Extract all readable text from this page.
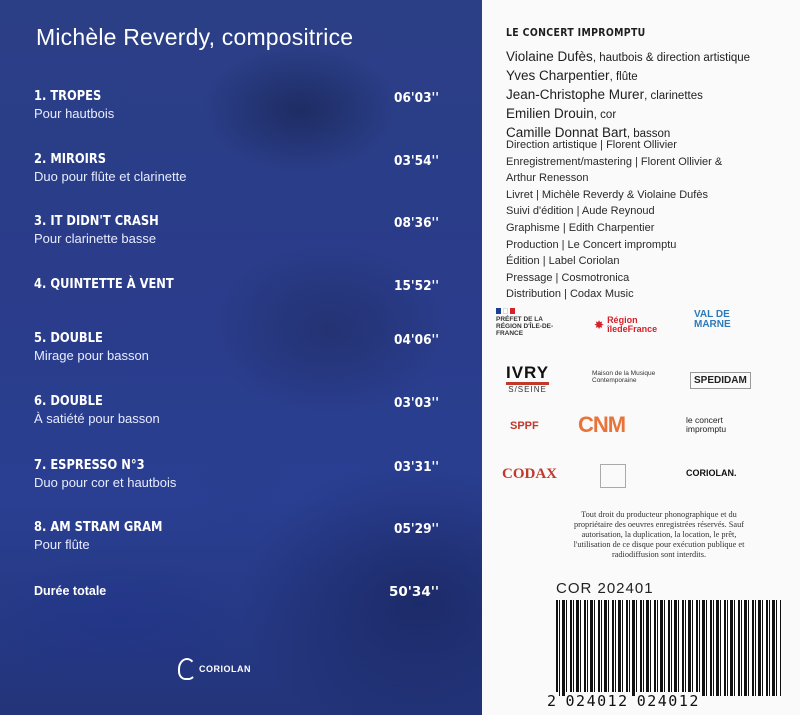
Michèle Reverdy, compositrice
1. TROPES
Pour hautbois
06'03''
2. MIROIRS
Duo pour flûte et clarinette
03'54''
3. IT DIDN'T CRASH
Pour clarinette basse
08'36''
4. QUINTETTE À VENT	15'52''
5. DOUBLE
Mirage pour basson
04'06''
6. DOUBLE
À satiété pour basson
03'03''
7. ESPRESSO N°3
Duo pour cor et hautbois
03'31''
8. AM STRAM GRAM
Pour flûte
05'29''
Durée totale	50'34''
CORIOLAN
LE CONCERT IMPROMPTU
Violaine Dufès, hautbois & direction artistique
Yves Charpentier, flûte
Jean-Christophe Murer, clarinettes
Emilien Drouin, cor
Camille Donnat Bart, basson
Direction artistique | Florent Ollivier
Enregistrement/mastering | Florent Ollivier &
Arthur Renesson
Livret | Michèle Reverdy & Violaine Dufès
Suivi d'édition | Aude Reynoud
Graphisme | Edith Charpentier
Production | Le Concert impromptu
Édition | Label Coriolan
Pressage | Cosmotronica
Distribution | Codax Music
PRÉFET DE LA RÉGION D'ÎLE-DE-FRANCE
✸ Région îledeFrance
VAL DE MARNE
IVRY
S/SEINE
Maison de la Musique Contemporaine	SPEDIDAM
SPPF CNM	le concert impromptu
CODAX	CORIOLAN.
Tout droit du producteur phonographique et du propriétaire des oeuvres enregistrées réservés. Sauf autorisation, la duplication, la location, le prêt, l'utilisation de ce disque pour exécution publique et radiodiffusion sont interdits.
COR 202401
2 024012 024012
